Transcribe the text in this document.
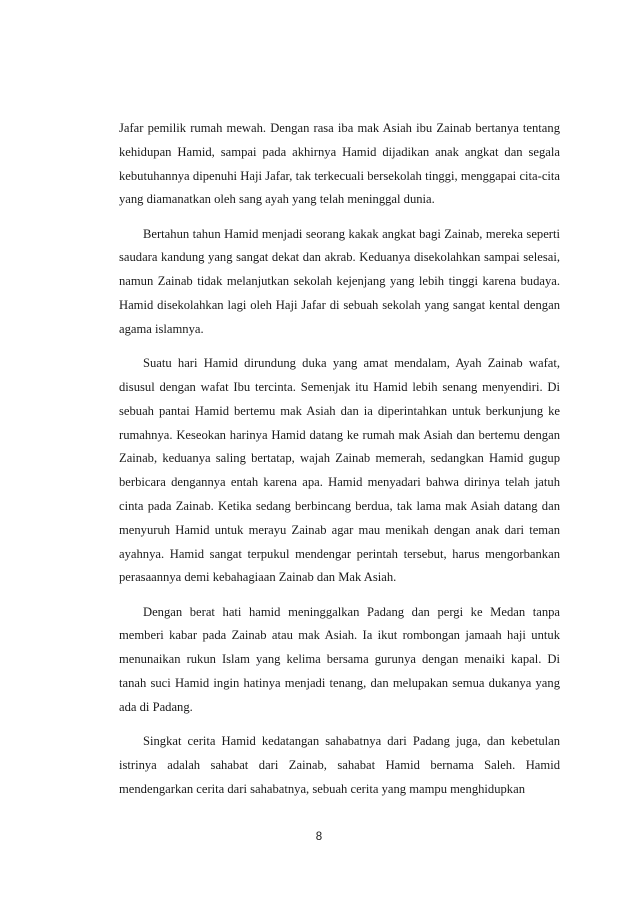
Jafar pemilik rumah mewah. Dengan rasa iba mak Asiah ibu Zainab bertanya tentang kehidupan Hamid, sampai pada akhirnya Hamid dijadikan anak angkat dan segala kebutuhannya dipenuhi Haji Jafar, tak terkecuali bersekolah tinggi, menggapai cita-cita yang diamanatkan oleh sang ayah yang telah meninggal dunia.

Bertahun tahun Hamid menjadi seorang kakak angkat bagi Zainab, mereka seperti saudara kandung yang sangat dekat dan akrab. Keduanya disekolahkan sampai selesai, namun Zainab tidak melanjutkan sekolah kejenjang yang lebih tinggi karena budaya. Hamid disekolahkan lagi oleh Haji Jafar di sebuah sekolah yang sangat kental dengan agama islamnya.

Suatu hari Hamid dirundung duka yang amat mendalam, Ayah Zainab wafat, disusul dengan wafat Ibu tercinta. Semenjak itu Hamid lebih senang menyendiri. Di sebuah pantai Hamid bertemu mak Asiah dan ia diperintahkan untuk berkunjung ke rumahnya. Keseokan harinya Hamid datang ke rumah mak Asiah dan bertemu dengan Zainab, keduanya saling bertatap, wajah Zainab memerah, sedangkan Hamid gugup berbicara dengannya entah karena apa. Hamid menyadari bahwa dirinya telah jatuh cinta pada Zainab. Ketika sedang berbincang berdua, tak lama mak Asiah datang dan menyuruh Hamid untuk merayu Zainab agar mau menikah dengan anak dari teman ayahnya. Hamid sangat terpukul mendengar perintah tersebut, harus mengorbankan perasaannya demi kebahagiaan Zainab dan Mak Asiah.

Dengan berat hati hamid meninggalkan Padang dan pergi ke Medan tanpa memberi kabar pada Zainab atau mak Asiah. Ia ikut rombongan jamaah haji untuk menunaikan rukun Islam yang kelima bersama gurunya dengan menaiki kapal. Di tanah suci Hamid ingin hatinya menjadi tenang, dan melupakan semua dukanya yang ada di Padang.

Singkat cerita Hamid kedatangan sahabatnya dari Padang juga, dan kebetulan istrinya adalah sahabat dari Zainab, sahabat Hamid bernama Saleh. Hamid mendengarkan cerita dari sahabatnya, sebuah cerita yang mampu menghidupkan

8
